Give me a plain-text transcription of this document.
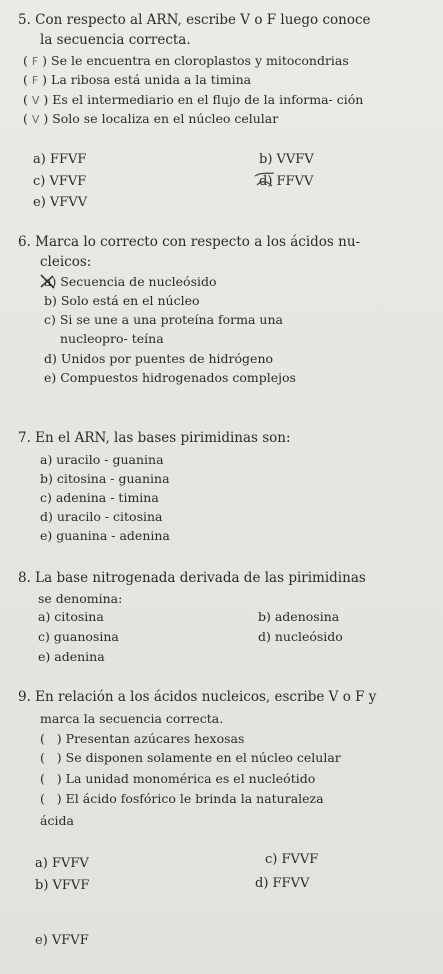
5. Con respecto al ARN, escribe V o F luego conoce
la secuencia correcta.
( F ) Se le encuentra en cloroplastos y mitocondrias
( F ) La ribosa está unida a la timina
( V ) Es el intermediario en el flujo de la informa- ción
( V ) Solo se localiza en el núcleo celular
a) FFVF	b) VVFV
c) VFVF	d) FFVV
e) VFVV
6. Marca lo correcto con respecto a los ácidos nu-
cleicos:
a) Secuencia de nucleósido
b) Solo está en el núcleo
c) Si se une a una proteína forma una
nucleopro- teína
d) Unidos por puentes de hidrógeno
e) Compuestos hidrogenados complejos
7. En el ARN, las bases pirimidinas son:
a) uracilo - guanina
b) citosina - guanina
c) adenina - timina
d) uracilo - citosina
e) guanina - adenina
8. La base nitrogenada derivada de las pirimidinas
se denomina:
a) citosina	b) adenosina
c) guanosina	d) nucleósido
e) adenina
9. En relación a los ácidos nucleicos, escribe V o F y
marca la secuencia correcta.
(   ) Presentan azúcares hexosas
(   ) Se disponen solamente en el núcleo celular
(   ) La unidad monomérica es el nucleótido
(   ) El ácido fosfórico le brinda la naturaleza
ácida
a) FVFV	c) FVVF
b) VFVF	d) FFVV
e) VFVF
